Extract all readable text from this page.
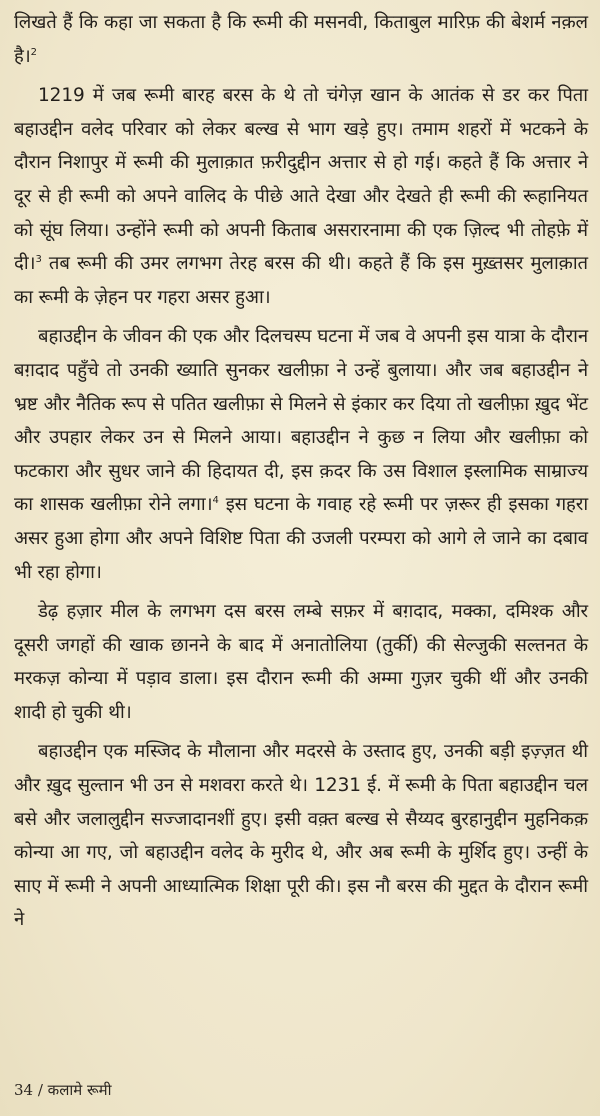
लिखते हैं कि कहा जा सकता है कि रूमी की मसनवी, किताबुल मारिफ़ की बेशर्म नक़ल है।$^2$

1219 में जब रूमी बारह बरस के थे तो चंगेज़ खान के आतंक से डर कर पिता बहाउद्दीन वलेद परिवार को लेकर बल्ख से भाग खड़े हुए। तमाम शहरों में भटकने के दौरान निशापुर में रूमी की मुलाक़ात फ़रीदुद्दीन अत्तार से हो गई। कहते हैं कि अत्तार ने दूर से ही रूमी को अपने वालिद के पीछे आते देखा और देखते ही रूमी की रूहानियत को सूंघ लिया। उन्होंने रूमी को अपनी किताब असरारनामा की एक ज़िल्द भी तोहफ़े में दी।$^3$ तब रूमी की उमर लगभग तेरह बरस की थी। कहते हैं कि इस मुख़्तसर मुलाक़ात का रूमी के ज़ेहन पर गहरा असर हुआ।

बहाउद्दीन के जीवन की एक और दिलचस्प घटना में जब वे अपनी इस यात्रा के दौरान बग़दाद पहुँचे तो उनकी ख्याति सुनकर खलीफ़ा ने उन्हें बुलाया। और जब बहाउद्दीन ने भ्रष्ट और नैतिक रूप से पतित खलीफ़ा से मिलने से इंकार कर दिया तो खलीफ़ा ख़ुद भेंट और उपहार लेकर उन से मिलने आया। बहाउद्दीन ने कुछ न लिया और खलीफ़ा को फटकारा और सुधर जाने की हिदायत दी, इस क़दर कि उस विशाल इस्लामिक साम्राज्य का शासक खलीफ़ा रोने लगा।$^4$ इस घटना के गवाह रहे रूमी पर ज़रूर ही इसका गहरा असर हुआ होगा और अपने विशिष्ट पिता की उजली परम्परा को आगे ले जाने का दबाव भी रहा होगा।

डेढ़ हज़ार मील के लगभग दस बरस लम्बे सफ़र में बग़दाद, मक्का, दमिश्क और दूसरी जगहों की खाक छानने के बाद में अनातोलिया (तुर्की) की सेल्जुकी सल्तनत के मरकज़ कोन्या में पड़ाव डाला। इस दौरान रूमी की अम्मा गुज़र चुकी थीं और उनकी शादी हो चुकी थी।

बहाउद्दीन एक मस्जिद के मौलाना और मदरसे के उस्ताद हुए, उनकी बड़ी इज़्ज़त थी और ख़ुद सुल्तान भी उन से मशवरा करते थे। 1231 ई. में रूमी के पिता बहाउद्दीन चल बसे और जलालुद्दीन सज्जादानशीं हुए। इसी वक़्त बल्ख से सैय्यद बुरहानुद्दीन मुहनिकक़ कोन्या आ गए, जो बहाउद्दीन वलेद के मुरीद थे, और अब रूमी के मुर्शिद हुए। उन्हीं के साए में रूमी ने अपनी आध्यात्मिक शिक्षा पूरी की। इस नौ बरस की मुद्दत के दौरान रूमी ने

34 / कलामे रूमी
